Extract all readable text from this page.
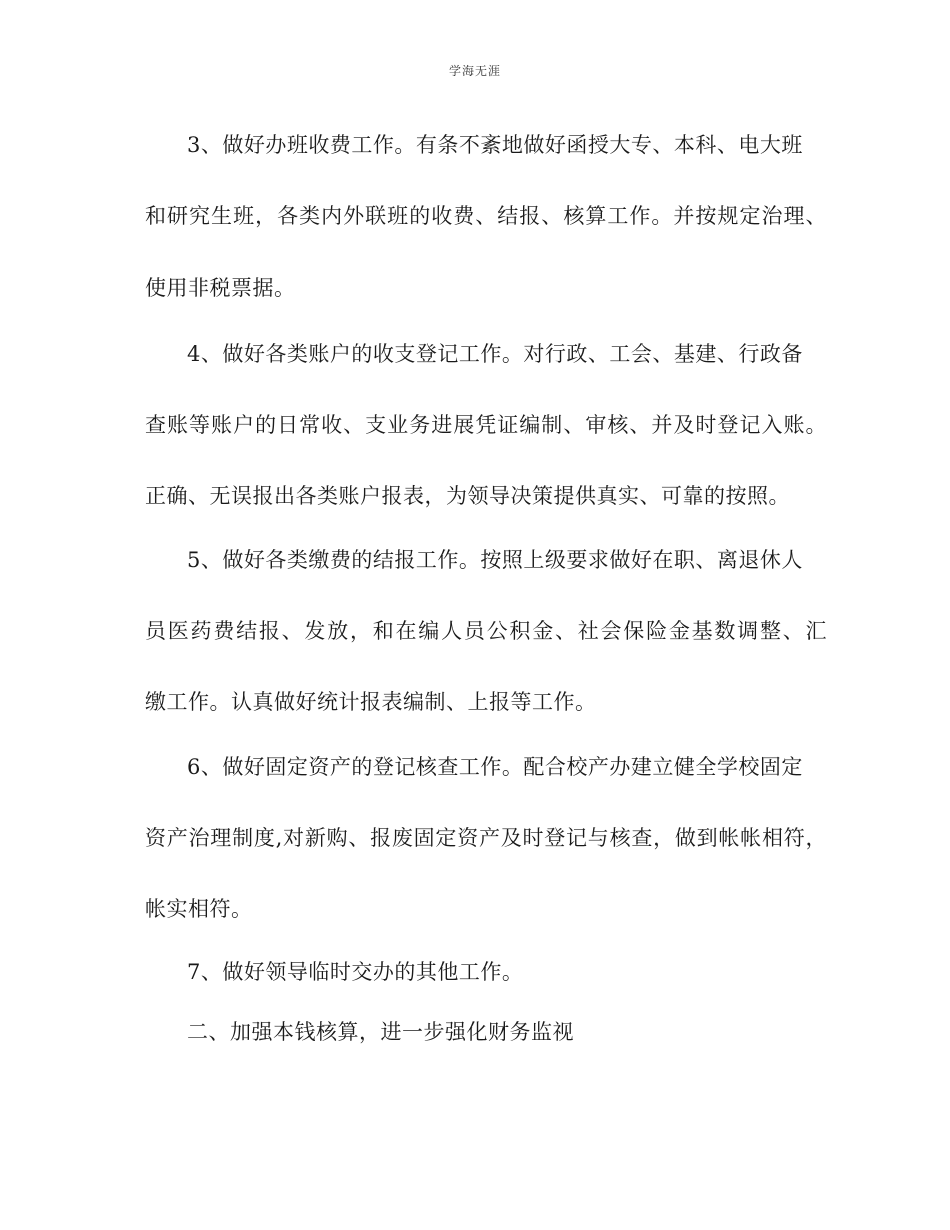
学海无涯
3、做好办班收费工作。有条不紊地做好函授大专、本科、电大班
和研究生班，各类内外联班的收费、结报、核算工作。并按规定治理、
使用非税票据。
4、做好各类账户的收支登记工作。对行政、工会、基建、行政备
查账等账户的日常收、支业务进展凭证编制、审核、并及时登记入账。
正确、无误报出各类账户报表，为领导决策提供真实、可靠的按照。
5、做好各类缴费的结报工作。按照上级要求做好在职、离退休人
员医药费结报、发放，和在编人员公积金、社会保险金基数调整、汇
缴工作。认真做好统计报表编制、上报等工作。
6、做好固定资产的登记核查工作。配合校产办建立健全学校固定
资产治理制度,对新购、报废固定资产及时登记与核查，做到帐帐相符，
帐实相符。
7、做好领导临时交办的其他工作。
二、加强本钱核算，进一步强化财务监视
